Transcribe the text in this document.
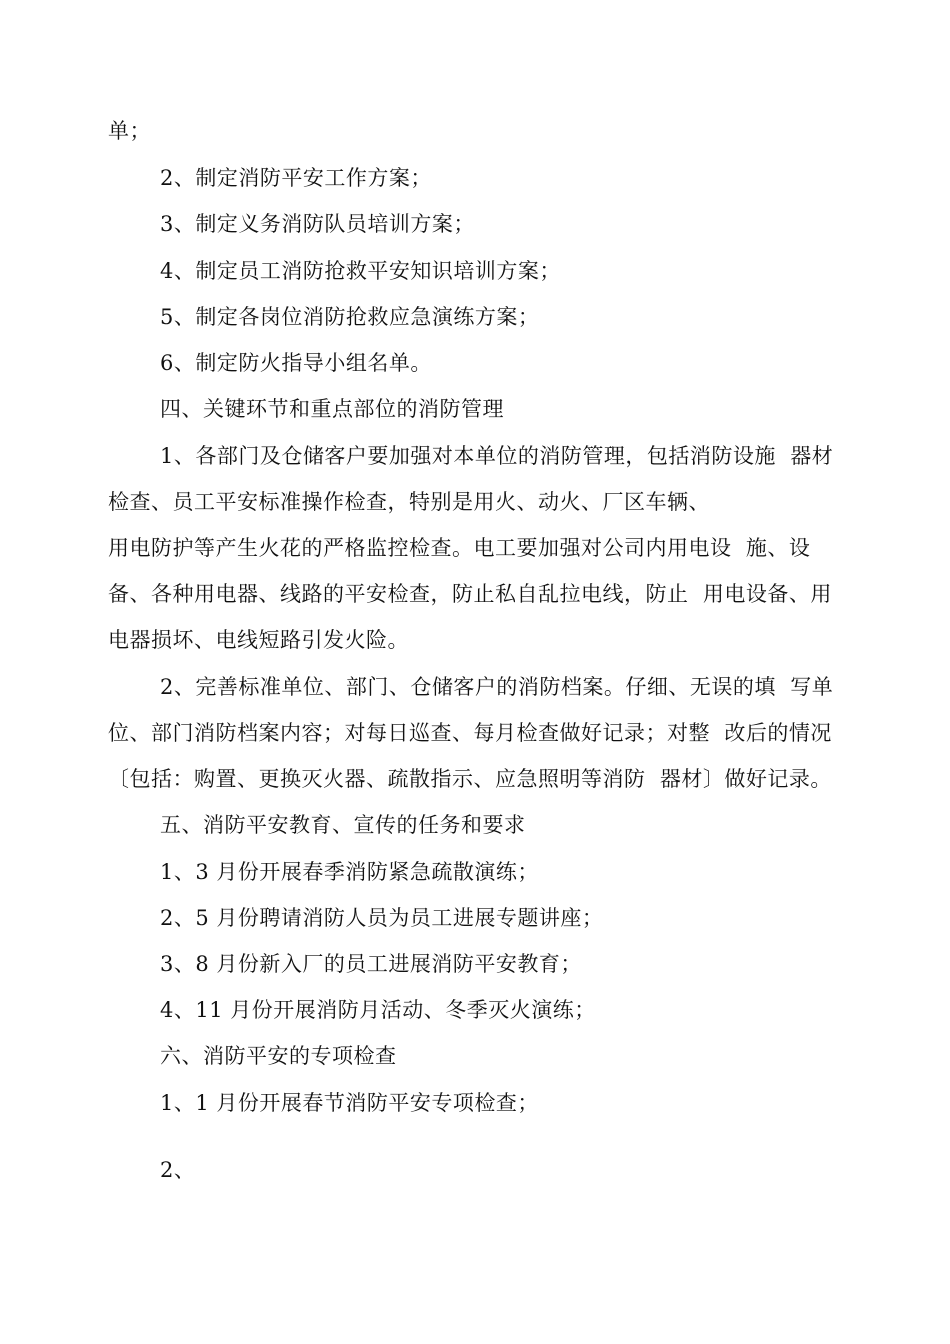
单；
2、制定消防平安工作方案；
3、制定义务消防队员培训方案；
4、制定员工消防抢救平安知识培训方案；
5、制定各岗位消防抢救应急演练方案；
6、制定防火指导小组名单。
四、关键环节和重点部位的消防管理
1、各部门及仓储客户要加强对本单位的消防管理，包括消防设施  器材
检查、员工平安标准操作检查，特别是用火、动火、厂区车辆、
用电防护等产生火花的严格监控检查。电工要加强对公司内用电设  施、设
备、各种用电器、线路的平安检查，防止私自乱拉电线，防止  用电设备、用
电器损坏、电线短路引发火险。
2、完善标准单位、部门、仓储客户的消防档案。仔细、无误的填  写单
位、部门消防档案内容；对每日巡查、每月检查做好记录；对整  改后的情况
〔包括：购置、更换灭火器、疏散指示、应急照明等消防  器材〕做好记录。
五、消防平安教育、宣传的任务和要求
1、3 月份开展春季消防紧急疏散演练；
2、5 月份聘请消防人员为员工进展专题讲座；
3、8 月份新入厂的员工进展消防平安教育；
4、11 月份开展消防月活动、冬季灭火演练；
六、消防平安的专项检查
1、1 月份开展春节消防平安专项检查；
2、
